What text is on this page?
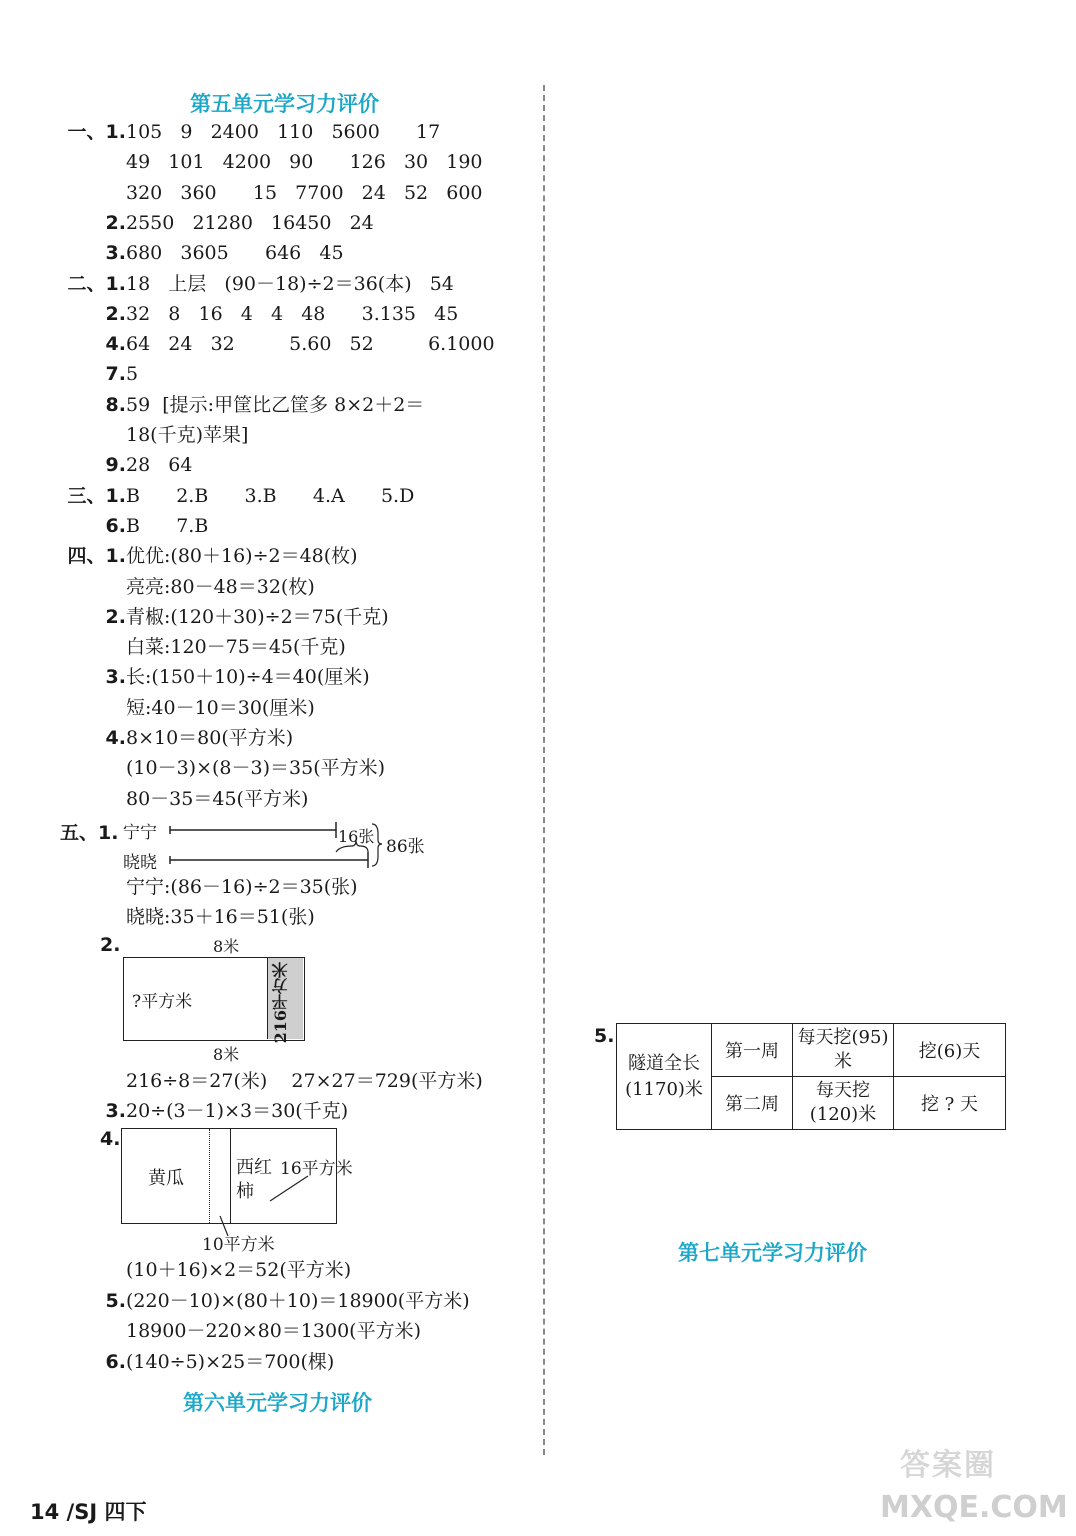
第五单元学习力评价
一、1.105   9   2400   110   5600      17
49   101   4200   90      126   30   190
320   360      15   7700   24   52   600
2.2550   21280   16450   24
3.680   3605      646   45
二、1.18   上层   (90－18)÷2＝36(本)   54
2.32   8   16   4   4   48      3.135   45
4.64   24   32         5.60   52         6.1000
7.5
8.59  [提示:甲筐比乙筐多 8×2＋2＝
18(千克)苹果]
9.28   64
三、1.B      2.B      3.B      4.A      5.D
6.B      7.B
四、1.优优:(80＋16)÷2＝48(枚)
亮亮:80－48＝32(枚)
2.青椒:(120＋30)÷2＝75(千克)
白菜:120－75＝45(千克)
3.长:(150＋10)÷4＝40(厘米)
短:40－10＝30(厘米)
4.8×10＝80(平方米)
(10－3)×(8－3)＝35(平方米)
80－35＝45(平方米)
五、1. 宁宁
晓晓
16张
86张
宁宁:(86－16)÷2＝35(张)
晓晓:35＋16＝51(张)
2.	8米
?平方米	216平方米
8米
216÷8＝27(米)    27×27＝729(平方米)
4.
黄瓜
西红柿
16平方米
10平方米
3.20÷(3－1)×3＝30(千克)
第六单元学习力评价
5.
隧道全长(1170)米	第一周	每天挖(95)米	挖(6)天
	第二周	每天挖(120)米	挖 ? 天
第七单元学习力评价
14 /SJ 四下
答案圈
MXQE.COM
(10＋16)×2＝52(平方米)
5.(220－10)×(80＋10)＝18900(平方米)
18900－220×80＝1300(平方米)
6.(140÷5)×25＝700(棵)
